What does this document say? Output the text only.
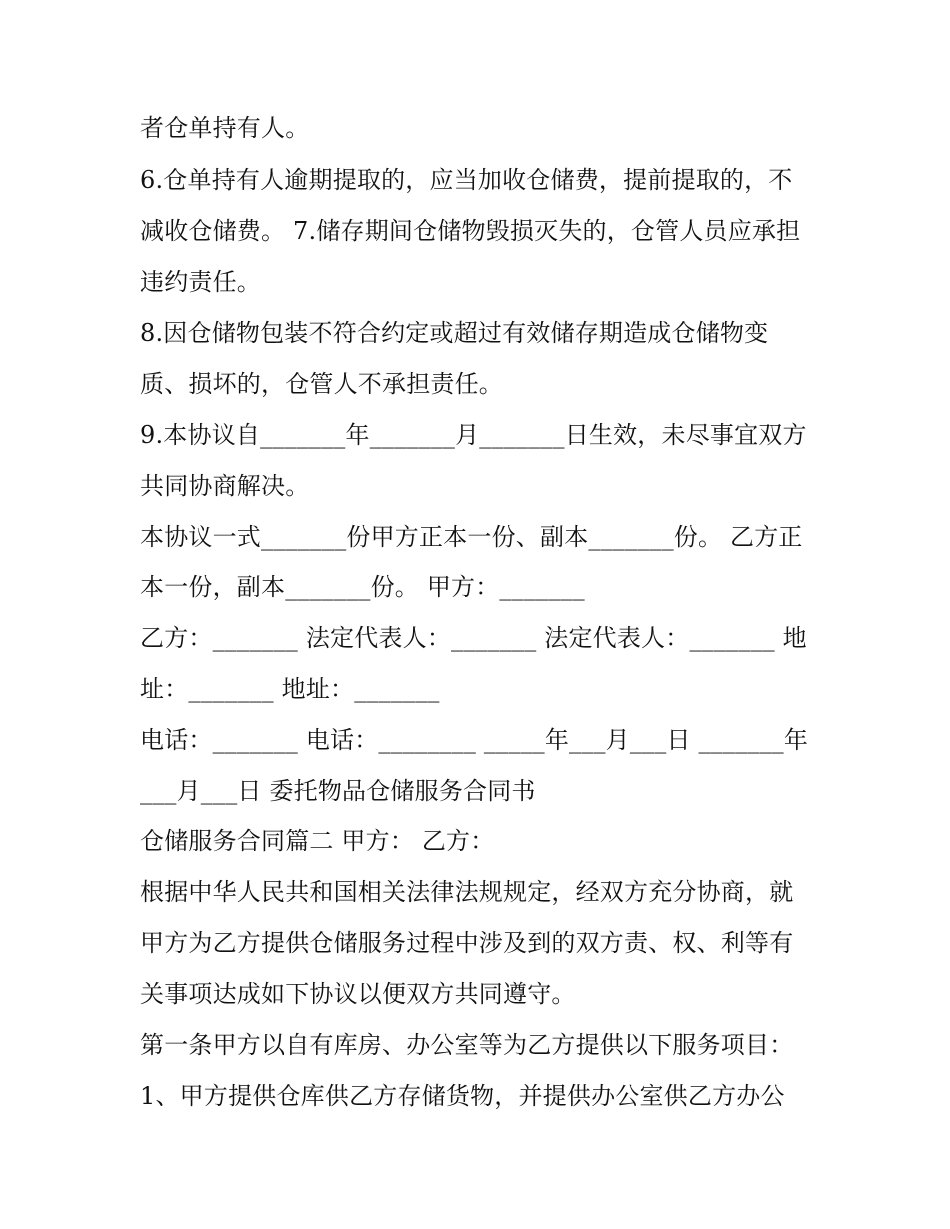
者仓单持有人。
6.仓单持有人逾期提取的，应当加收仓储费，提前提取的，不
减收仓储费。 7.储存期间仓储物毁损灭失的，仓管人员应承担
违约责任。
8.因仓储物包装不符合约定或超过有效储存期造成仓储物变
质、损坏的，仓管人不承担责任。
9.本协议自_______年_______月_______日生效，未尽事宜双方
共同协商解决。
本协议一式_______份甲方正本一份、副本_______份。 乙方正
本一份，副本_______份。 甲方：_______
乙方：_______ 法定代表人：_______ 法定代表人：_______ 地
址：_______ 地址：_______
电话：_______ 电话：________ _____年___月___日 _______年
___月___日 委托物品仓储服务合同书
仓储服务合同篇二 甲方： 乙方：
根据中华人民共和国相关法律法规规定，经双方充分协商，就
甲方为乙方提供仓储服务过程中涉及到的双方责、权、利等有
关事项达成如下协议以便双方共同遵守。
第一条甲方以自有库房、办公室等为乙方提供以下服务项目：
1、甲方提供仓库供乙方存储货物，并提供办公室供乙方办公
